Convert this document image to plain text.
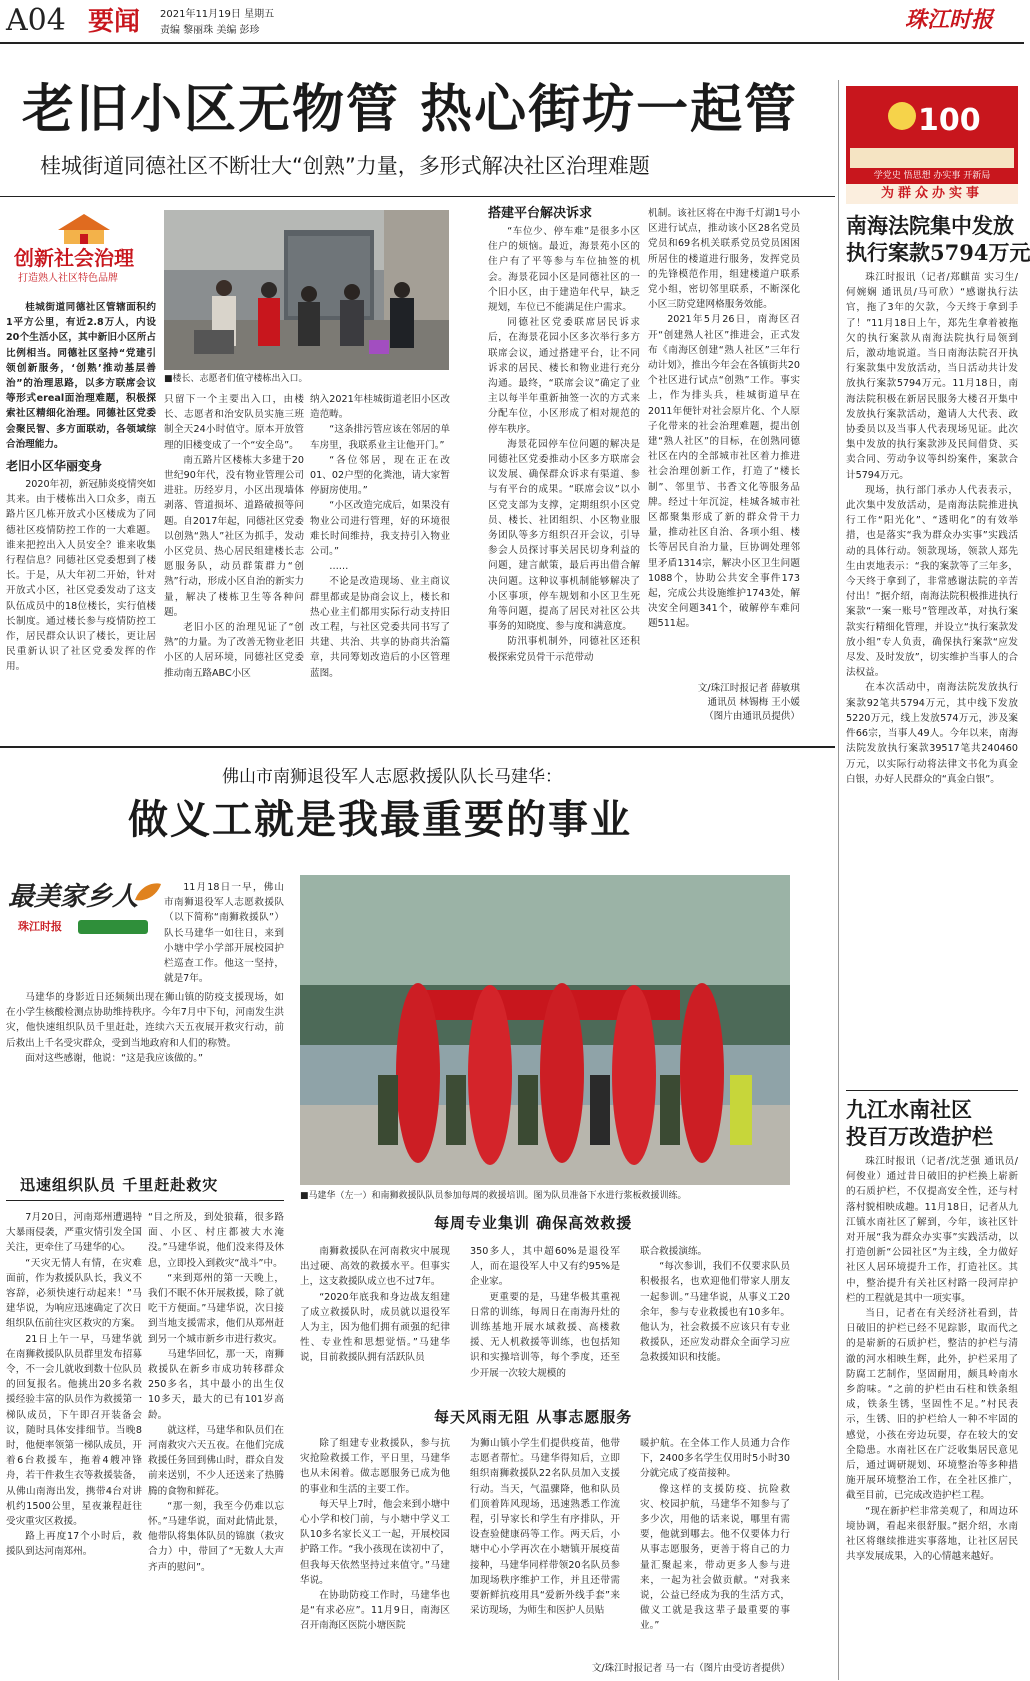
A04 要闻 2021年11月19日 星期五
责编 黎丽珠 美编 彭珍	珠江时报
老旧小区无物管 热心街坊一起管
桂城街道同德社区不断壮大“创熟”力量，多形式解决社区治理难题
创新社会治理
打造熟人社区特色品牌
■楼长、志愿者们值守楼栋出入口。

桂城街道同德社区管辖面积约1平方公里，有近2.8万人，内设20个生活小区，其中新旧小区所占比例相当。同德社区坚持“党建引领创新服务，‘创熟’推动基层善治”的治理思路，以多方联席会议等形式ereal面治理难题，积极探索社区精细化治理。同德社区党委会聚民智、多方面联动，各领域综合治理能力。

老旧小区华丽变身

2020年初，新冠肺炎疫情突如其来。由于楼栋出入口众多，南五路片区几栋开放式小区楼成为了同德社区疫情防控工作的一大难题。谁来把控出入人员安全？谁来收集行程信息？同德社区党委想到了楼长。于是，从大年初二开始，针对开放式小区，社区党委发动了这支队伍成员中的18位楼长，实行值楼长制度。通过楼长参与疫情防控工作，居民群众认识了楼长，更让居民重新认识了社区党委发挥的作用。

只留下一个主要出入口，由楼长、志愿者和治安队员实施三班制全天24小时值守。原本开放管理的旧楼变成了一个“安全岛”。

南五路片区楼栋大多建于20世纪90年代，没有物业管理公司进驻。历经岁月，小区出现墙体剥落、管道损坏、道路破损等问题。自2017年起，同德社区党委以创熟“熟人”社区为抓手，发动小区党员、热心居民组建楼长志愿服务队，动员群策群力“创熟”行动，形成小区自治的新实力量，解决了楼栋卫生等各种问题。

老旧小区的治理见证了“创熟”的力量。为了改善无物业老旧小区的人居环境，同德社区党委推动南五路ABC小区

纳入2021年桂城街道老旧小区改造范畴。

“这条排污管应该在邻居的单车房里，我联系业主让他开门。”

“各位邻居，现在正在改01、02户型的化粪池，请大家暂停厨房使用。”

“小区改造完成后，如果没有物业公司进行管理，好的环境很难长时间维持，我支持引入物业公司。”

……

不论是改造现场、业主商议群里都或是协商会议上，楼长和热心业主们都用实际行动支持旧改工程，与社区党委共同书写了共建、共治、共享的协商共治篇章，共同筹划改造后的小区管理蓝图。

搭建平台解决诉求

“车位少、停车难”是很多小区住户的烦恼。最近，海景苑小区的住户有了平等参与车位抽签的机会。海景花园小区是同德社区的一个旧小区，由于建造年代早，缺乏规划，车位已不能满足住户需求。

同德社区党委联席居民诉求后，在海景花园小区多次举行多方联席会议，通过搭建平台，让不同诉求的居民、楼长和物业进行充分沟通。最终，“联席会议”确定了业主以每半年重新抽签一次的方式来分配车位，小区形成了相对规范的停车秩序。

海景花园停车位问题的解决是同德社区党委推动小区多方联席会议发展、确保群众诉求有渠道、参与有平台的成果。“联席会议”以小区党支部为支撑，定期组织小区党员、楼长、社团组织、小区物业服务团队等多方组织召开会议，引导参会人员探讨事关居民切身利益的问题，建言献策，最后再出借合解决问题。这种议事机制能够解决了小区事项，停车规划和小区卫生死角等问题，提高了居民对社区公共事务的知晓度、参与度和满意度。

防汛事机制外，同德社区还积极探索党员骨干示范带动

机制。该社区将在中海千灯湖1号小区进行试点，推动该小区28名党员党员和69名机关联系党员党员困困所居住的楼道进行服务，发挥党员的先锋模范作用，组建楼道户联系党小组，密切邻里联系，不断深化小区三防党建网格服务效能。

2021年5月26日，南海区召开“创建熟人社区”推进会，正式发布《南海区创建“熟人社区”三年行动计划》，推出今年会在各镇街共20个社区进行试点“创熟”工作。事实上，作为排头兵，桂城街道早在2011年便针对社会原片化、个人原子化带来的社会治理难题，提出创建“熟人社区”的目标，在创熟同德社区在内的全部城市社区着力推进社会治理创新工作，打造了“楼长制”、邻里节、书香文化等服务品牌。经过十年沉淀，桂城各城市社区都聚集形成了新的群众骨干力量，推动社区自治、各项小组、楼长等居民自治力量，巨协调处理邻里矛盾1314宗，解决小区卫生问题1088个，协助公共安全事件173起，完成公共设施维护1743处，解决安全问题341个，破解停车难问题511起。

文/珠江时报记者 薛敏琪
通讯员 林锡梅 王小媛
（图片由通讯员提供）
100
学党史 悟思想 办实事 开新局
为群众办实事
南海法院集中发放
执行案款5794万元

珠江时报讯（记者/郑麒苗 实习生/何婉娴 通讯员/马可欣）“感谢执行法官，拖了3年的欠款，今天终于拿到手了！”11月18日上午，郑先生拿着被拖欠的执行案款从南海法院执行局领到后，激动地说道。当日南海法院召开执行案款集中发放活动，当日活动共计发放执行案款5794万元。11月18日，南海法院积极在新居民服务大楼召开集中发放执行案款活动，邀请人大代表、政协委员以及当事人代表现场见证。此次集中发放的执行案款涉及民间借贷、买卖合同、劳动争议等纠纷案件，案款合计5794万元。

现场，执行部门承办人代表表示，此次集中发放活动，是南海法院推进执行工作“阳光化”、“透明化”的有效举措，也是落实“我为群众办实事”实践活动的具体行动。领款现场，领款人郑先生由衷地表示：“我的案款等了三年多，今天终于拿到了，非常感谢法院的辛苦付出！”据介绍，南海法院积极推进执行案款“一案一账号”管理改革，对执行案款实行精细化管理，并设立“执行案款发放小组”专人负责，确保执行案款“应发尽发、及时发放”，切实维护当事人的合法权益。

在本次活动中，南海法院发放执行案款92笔共5794万元，其中线下发放5220万元，线上发放574万元，涉及案件66宗，当事人49人。今年以来，南海法院发放执行案款39517笔共240460万元，以实际行动将法律文书化为真金白银，办好人民群众的“真金白银”。

九江水南社区
投百万改造护栏

珠江时报讯（记者/沈芝强 通讯员/何俊业）通过昔日破旧的护栏换上崭新的石质护栏，不仅提高安全性，还与村落村貌相映成趣。11月18日，记者从九江镇水南社区了解到，今年，该社区针对开展“我为群众办实事”实践活动，以打造创新“公园社区”为主线，全力做好社区人居环境提升工作，打造社区。其中，整治提升有关社区村路一段河岸护栏的工程就是其中一项实事。

当日，记者在有关经济社看到，昔日破旧的护栏已经不见踪影，取而代之的是崭新的石质护栏，整洁的护栏与清澈的河水相映生辉，此外，护栏采用了防腐工艺制作，坚固耐用，颇具岭南水乡韵味。“之前的护栏由石柱和铁条组成，铁条生锈，坚固性不足。”村民表示，生锈、旧的护栏给人一种不牢固的感觉，小孩在旁边玩耍，存在较大的安全隐患。水南社区在广泛收集居民意见后，通过调研规划、环境整治等多种措施开展环境整治工作，在全社区推广，截至目前，已完成改造护栏工程。

“现在新护栏非常美观了，和周边环境协调，看起来很舒服。”据介绍，水南社区将继续推进实事落地，让社区居民共享发展成果，入的心情越来越好。

佛山市南狮退役军人志愿救援队队长马建华：
做义工就是我最重要的事业
最美家乡人
珠江时报

11月18日一早，佛山市南狮退役军人志愿救援队（以下简称“南狮救援队”）队长马建华一如往日，来到小塘中学小学部开展校园护栏巡查工作。他这一坚持，就是7年。

马建华的身影近日还频频出现在狮山镇的防疫支援现场，如在小学生核酸检测点协助维持秩序。今年7月中下旬，河南发生洪灾，他快速组织队员千里赶赴，连续六天五夜展开救灾行动，前后救出上千名受灾群众，受到当地政府和人们的称赞。

面对这些感谢，他说：“这是我应该做的。”

■马建华（左一）和南狮救援队队员参加每周的救援培训。图为队员准备下水进行浆板救援训练。
迅速组织队员 千里赶赴救灾

7月20日，河南郑州遭遇特大暴雨侵袭，严重灾情引发全国关注，更牵住了马建华的心。

“天灾无情人有情，在灾难面前，作为救援队队长，我义不容辞，必须快速行动起来！”马建华说，为响应迅速确定了次日组织队伍前往灾区救灾的方案。

21日上午一早，马建华就在南狮救援队队员群里发布招募令，不一会儿就收到数十位队员的回复报名。他挑出20多名救援经验丰富的队员作为救援第一梯队成员，下午即召开装备会议，随时具体安排细节。当晚8时，他便率领第一梯队成员，开着6台救援车，拖着4艘冲锋舟，若干件救生衣等救援装备，从佛山南海出发，携带4台对讲机约1500公里，星夜兼程赶往受灾重灾区救援。

路上再度17个小时后，救援队到达河南郑州。

“目之所及，到处狼藉，很多路面、小区、村庄都被大水淹没。”马建华说，他们没来得及休息，立即投入到救灾“战斗”中。

“来到郑州的第一天晚上，我们不眠不休开展救援，除了就吃干方便面。”马建华说，次日接到当地支援需求，他们从郑州赶到另一个城市新乡市进行救灾。

马建华回忆，那一天，南狮救援队在新乡市成功转移群众250多名，其中最小的出生仅10多天，最大的已有101岁高龄。

就这样，马建华和队员们在河南救灾六天五夜。在他们完成救援任务回到佛山时，群众自发前来送别，不少人还送来了热腾腾的食物和鲜花。

“那一刻，我至今仍难以忘怀。”马建华说，面对此情此景，他带队将集体队员的锦旗（救灾合力）中，带回了“无数人大声齐声的慰问”。

每周专业集训 确保高效救援

南狮救援队在河南救灾中展现出过硬、高效的救援水平。但事实上，这支救援队成立也不过7年。

“2020年底我和身边战友组建了成立救援队时，成员就以退役军人为主，因为他们拥有顽强的纪律性、专业性和思想觉悟。”马建华说，目前救援队拥有活跃队员

350多人，其中超60%是退役军人，而在退役军人中又有约95%是企业家。

更重要的是，马建华极其重视日常的训练，每周日在南海丹灶的训练基地开展水域救援、高楼救援、无人机救援等训练，也包括知识和实操培训等，每个季度，还至少开展一次较大规模的

联合救援演练。

“每次参训，我们不仅要求队员积极报名，也欢迎他们带家人朋友一起参训。”马建华说，从事义工20余年，参与专业救援也有10多年。他认为，社会救援不应该只有专业救援队，还应发动群众全面学习应急救援知识和技能。

每天风雨无阻 从事志愿服务

除了组建专业救援队，参与抗灾抢险救援工作，平日里，马建华也从未闲着。做志愿服务已成为他的事业和生活的主要工作。

每天早上7时，他会来到小塘中心小学和校门前，与小塘中学义工队10多名家长义工一起，开展校园护路工作。“我小孩现在读初中了，但我每天依然坚持过来值守。”马建华说。

在协助防疫工作时，马建华也是“有求必应”。11月9日，南海区召开南海区医院小塘医院

为狮山镇小学生们提供疫苗，他带志愿者帮忙。马建华得知后，立即组织南狮救援队22名队员加入支援行动。当天，气温骤降，他和队员们顶着阵风现场，迅速熟悉工作流程，引导家长和学生有序排队，开设查验健康码等工作。两天后，小塘中心小学再次在小塘镇开展疫苗接种，马建华同样带领20名队员参加现场秩序维护工作，并且还带需要新鲜抗疫用具“爱新外线手套”来采访现场，为师生和医护人员贴

暖护航。在全体工作人员通力合作下，2400多名学生仅用时5小时30分就完成了疫苗接种。

像这样的支援防疫、抗险救灾、校园护航，马建华不知参与了多少次，用他的话来说，哪里有需要，他就到哪去。他不仅要体力行从事志愿服务，更善于将自己的力量汇聚起来，带动更多人参与进来，一起为社会做贡献。“对我来说，公益已经成为我的生活方式，做义工就是我这辈子最重要的事业。”

文/珠江时报记者 马一右（图片由受访者提供）
